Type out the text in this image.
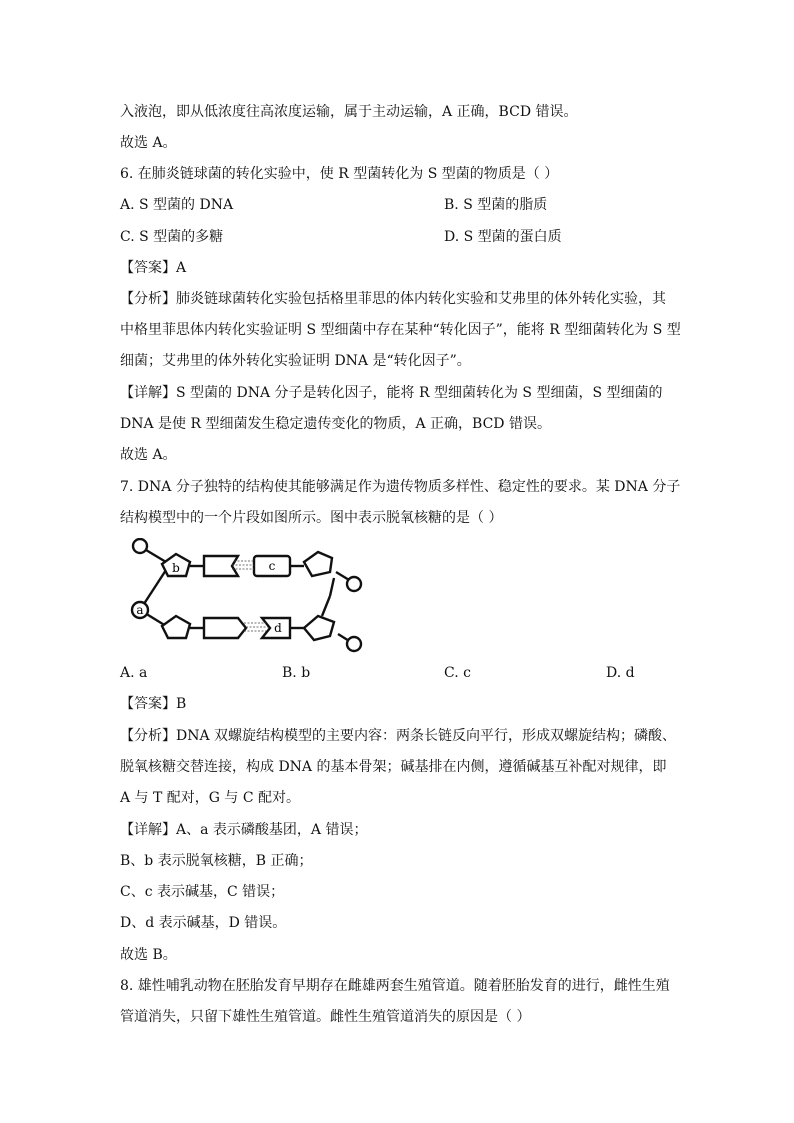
入液泡，即从低浓度往高浓度运输，属于主动运输，A 正确，BCD 错误。
故选 A。
6. 在肺炎链球菌的转化实验中，使 R 型菌转化为 S 型菌的物质是（ ）
A. S 型菌的 DNA	B. S 型菌的脂质
C. S 型菌的多糖	D. S 型菌的蛋白质
【答案】A
【分析】肺炎链球菌转化实验包括格里菲思的体内转化实验和艾弗里的体外转化实验，其
中格里菲思体内转化实验证明 S 型细菌中存在某种“转化因子”，能将 R 型细菌转化为 S 型
细菌；艾弗里的体外转化实验证明 DNA 是“转化因子”。
【详解】S 型菌的 DNA 分子是转化因子，能将 R 型细菌转化为 S 型细菌，S 型细菌的
DNA 是使 R 型细菌发生稳定遗传变化的物质，A 正确，BCD 错误。
故选 A。
7. DNA 分子独特的结构使其能够满足作为遗传物质多样性、稳定性的要求。某 DNA 分子
结构模型中的一个片段如图所示。图中表示脱氧核糖的是（ ）
a
b	c
d
A. a	B. b	C. c	D. d
【答案】B
【分析】DNA 双螺旋结构模型的主要内容：两条长链反向平行，形成双螺旋结构；磷酸、
脱氧核糖交替连接，构成 DNA 的基本骨架；碱基排在内侧，遵循碱基互补配对规律，即
A 与 T 配对，G 与 C 配对。
【详解】A、a 表示磷酸基团，A 错误；
B、b 表示脱氧核糖，B 正确；
C、c 表示碱基，C 错误；
D、d 表示碱基，D 错误。
故选 B。
8. 雄性哺乳动物在胚胎发育早期存在雌雄两套生殖管道。随着胚胎发育的进行，雌性生殖
管道消失，只留下雄性生殖管道。雌性生殖管道消失的原因是（ ）
